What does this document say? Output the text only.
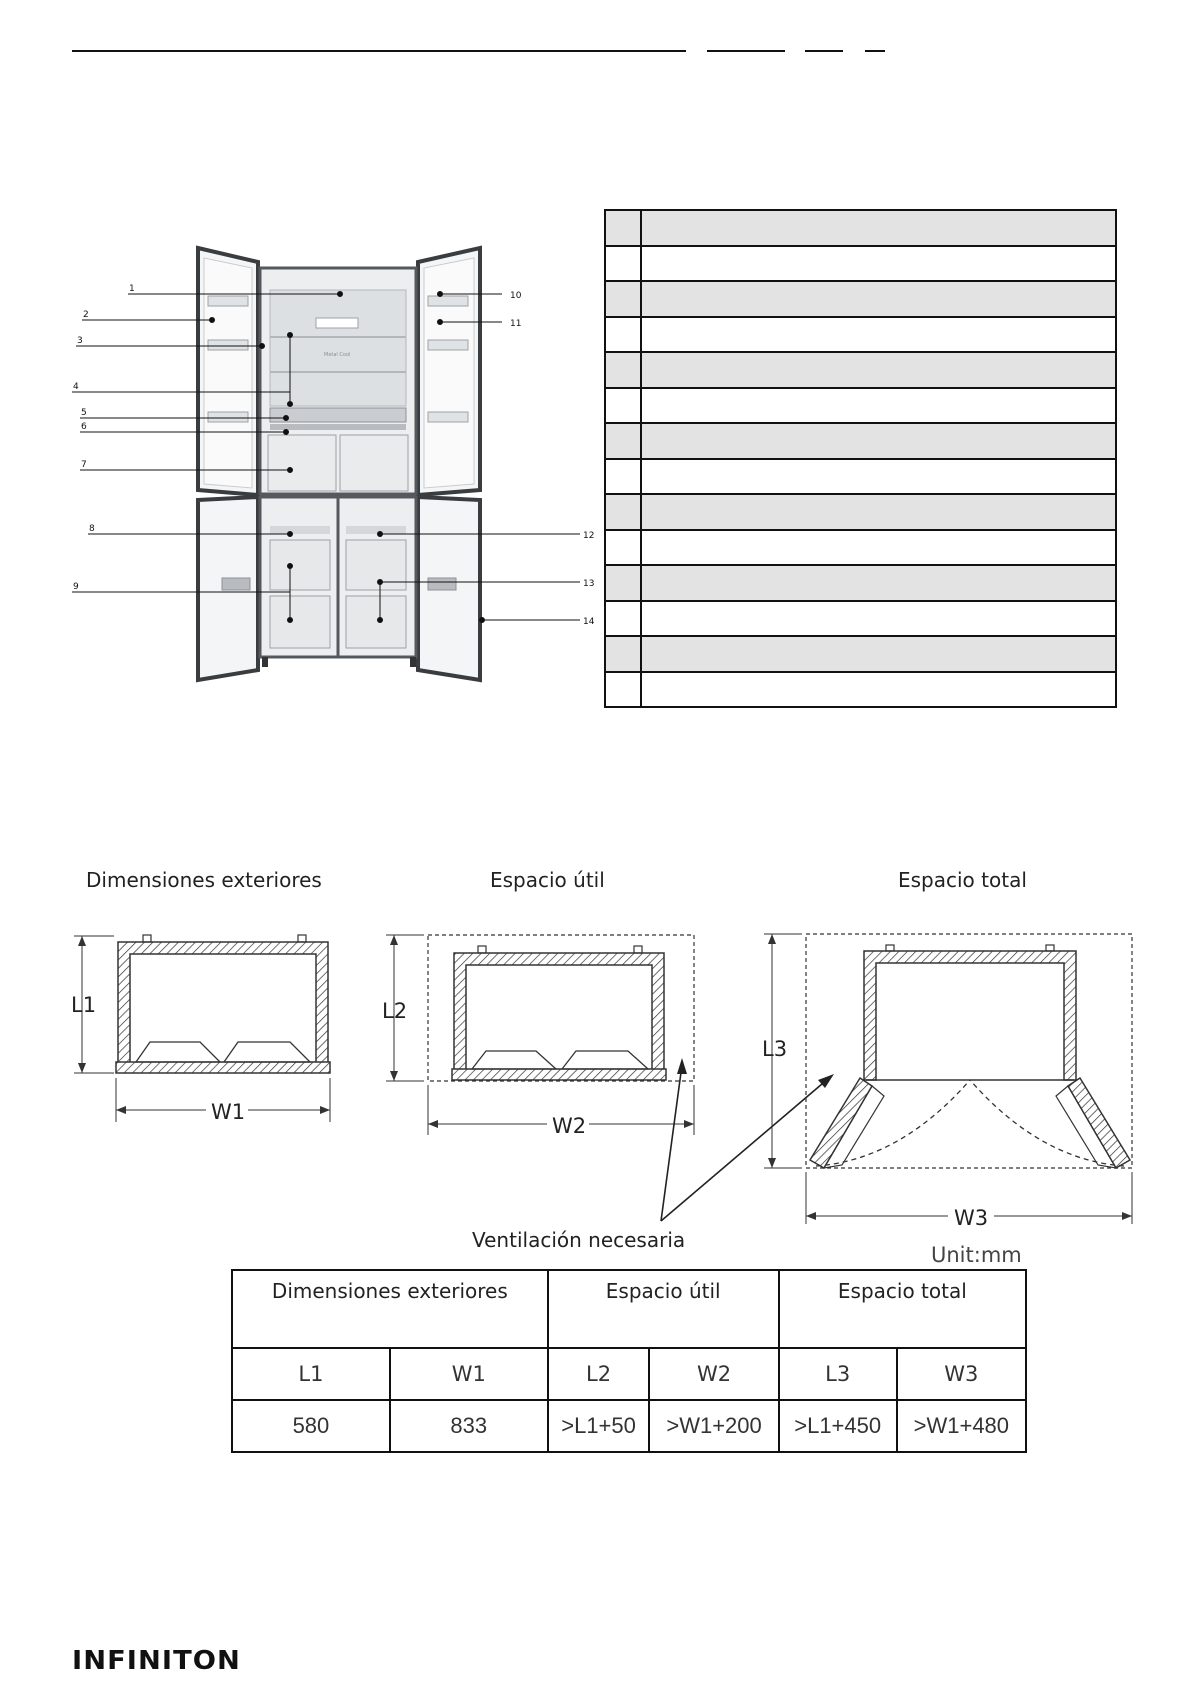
Metal Cool
1
2
3
4
5
6
7
8
9
10
11
12
13
14

Dimensiones exteriores	Espacio útil	Espacio total
L1
W1
L2
W2
L3
W3
Ventilación necesaria
Unit:mm
Dimensiones exteriores		Espacio útil		Espacio total	
L1	W1	L2	W2	L3	W3
580	833	>L1+50	>W1+200	>L1+450	>W1+480
INFINITON
